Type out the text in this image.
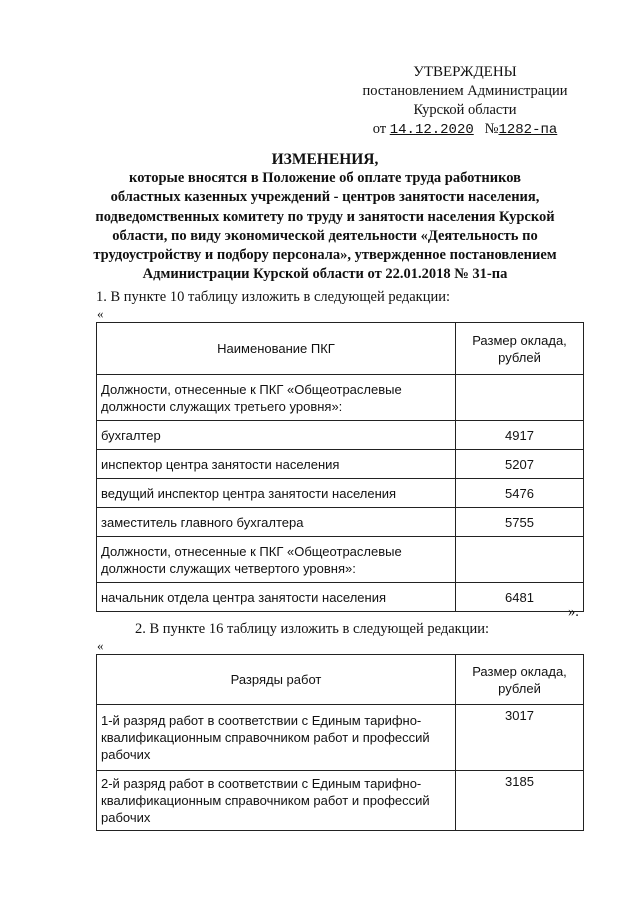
УТВЕРЖДЕНЫ
постановлением Администрации
Курской области
от 14.12.2020 №1282-па
ИЗМЕНЕНИЯ,
которые вносятся в Положение об оплате труда работников
областных казенных учреждений - центров занятости населения,
подведомственных комитету по труду и занятости населения Курской
области, по виду экономической деятельности «Деятельность по
трудоустройству и подбору персонала», утвержденное постановлением
Администрации Курской области от 22.01.2018 № 31-па
1. В пункте 10 таблицу изложить в следующей редакции:
«
Наименование ПКГ	Размер оклада,
рублей

Должности, отнесенные к ПКГ «Общеотраслевые
должности служащих третьего уровня»:	

бухгалтер	4917
инспектор центра занятости населения	5207
ведущий инспектор центра занятости населения	5476
заместитель главного бухгалтера	5755

Должности, отнесенные к ПКГ «Общеотраслевые
должности служащих четвертого уровня»:	

начальник отдела центра занятости населения	6481
».
2. В пункте 16 таблицу изложить в следующей редакции:
«
Разряды работ	Размер оклада,
рублей

1-й разряд работ в соответствии с Единым тарифно-
квалификационным справочником работ и профессий
рабочих	3017

2-й разряд работ в соответствии с Единым тарифно-
квалификационным справочником работ и профессий
рабочих	3185
